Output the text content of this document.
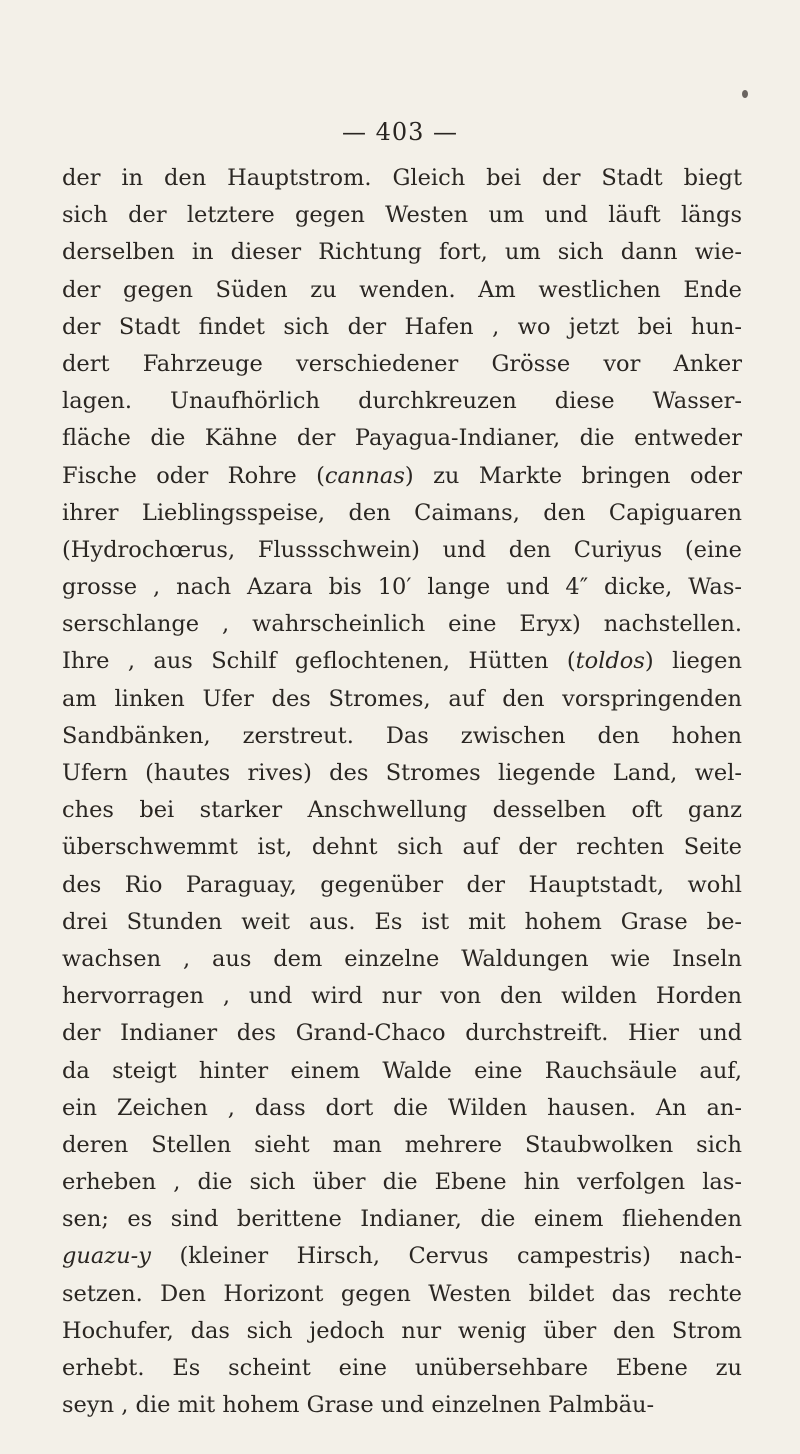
— 403 —
der in den Hauptstrom. Gleich bei der Stadt biegt
sich der letztere gegen Westen um und läuft längs
derselben in dieser Richtung fort, um sich dann wie-
der gegen Süden zu wenden. Am westlichen Ende
der Stadt findet sich der Hafen , wo jetzt bei hun-
dert Fahrzeuge verschiedener Grösse vor Anker
lagen. Unaufhörlich durchkreuzen diese Wasser-
fläche die Kähne der Payagua-Indianer, die entweder
Fische oder Rohre (cannas) zu Markte bringen oder
ihrer Lieblingsspeise, den Caimans, den Capiguaren
(Hydrochœrus, Flussschwein) und den Curiyus (eine
grosse , nach Azara bis 10′ lange und 4″ dicke, Was-
serschlange , wahrscheinlich eine Eryx) nachstellen.
Ihre , aus Schilf geflochtenen, Hütten (toldos) liegen
am linken Ufer des Stromes, auf den vorspringenden
Sandbänken, zerstreut. Das zwischen den hohen
Ufern (hautes rives) des Stromes liegende Land, wel-
ches bei starker Anschwellung desselben oft ganz
überschwemmt ist, dehnt sich auf der rechten Seite
des Rio Paraguay, gegenüber der Hauptstadt, wohl
drei Stunden weit aus. Es ist mit hohem Grase be-
wachsen , aus dem einzelne Waldungen wie Inseln
hervorragen , und wird nur von den wilden Horden
der Indianer des Grand-Chaco durchstreift. Hier und
da steigt hinter einem Walde eine Rauchsäule auf,
ein Zeichen , dass dort die Wilden hausen. An an-
deren Stellen sieht man mehrere Staubwolken sich
erheben , die sich über die Ebene hin verfolgen las-
sen; es sind berittene Indianer, die einem fliehenden
guazu-y (kleiner Hirsch, Cervus campestris) nach-
setzen. Den Horizont gegen Westen bildet das rechte
Hochufer, das sich jedoch nur wenig über den Strom
erhebt. Es scheint eine unübersehbare Ebene zu
seyn , die mit hohem Grase und einzelnen Palmbäu-
